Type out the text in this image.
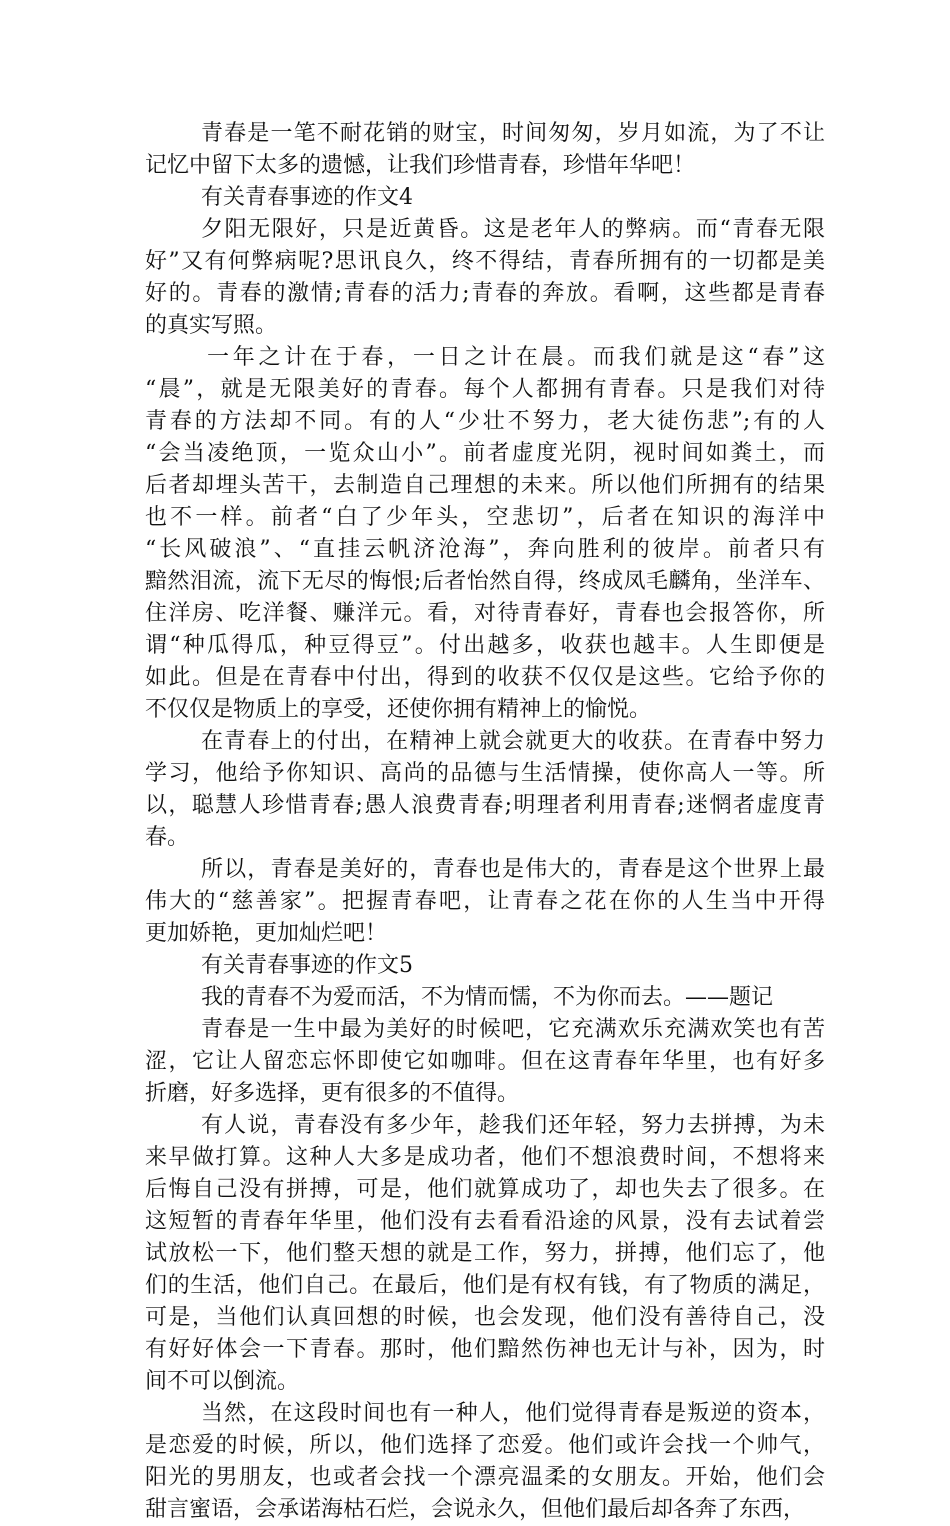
青春是一笔不耐花销的财宝，时间匆匆，岁月如流，为了不让
记忆中留下太多的遗憾，让我们珍惜青春，珍惜年华吧！
有关青春事迹的作文4
夕阳无限好，只是近黄昏。这是老年人的弊病。而“青春无限
好”又有何弊病呢?思讯良久，终不得结，青春所拥有的一切都是美
好的。青春的激情;青春的活力;青春的奔放。看啊，这些都是青春
的真实写照。
一年之计在于春，一日之计在晨。而我们就是这“春”这
“晨”，就是无限美好的青春。每个人都拥有青春。只是我们对待
青春的方法却不同。有的人“少壮不努力，老大徒伤悲”;有的人
“会当凌绝顶，一览众山小”。前者虚度光阴，视时间如粪土，而
后者却埋头苦干，去制造自己理想的未来。所以他们所拥有的结果
也不一样。前者“白了少年头，空悲切”，后者在知识的海洋中
“长风破浪”、“直挂云帆济沧海”，奔向胜利的彼岸。前者只有
黯然泪流，流下无尽的悔恨;后者怡然自得，终成凤毛麟角，坐洋车、
住洋房、吃洋餐、赚洋元。看，对待青春好，青春也会报答你，所
谓“种瓜得瓜，种豆得豆”。付出越多，收获也越丰。人生即便是
如此。但是在青春中付出，得到的收获不仅仅是这些。它给予你的
不仅仅是物质上的享受，还使你拥有精神上的愉悦。
在青春上的付出，在精神上就会就更大的收获。在青春中努力
学习，他给予你知识、高尚的品德与生活情操，使你高人一等。所
以，聪慧人珍惜青春;愚人浪费青春;明理者利用青春;迷惘者虚度青
春。
所以，青春是美好的，青春也是伟大的，青春是这个世界上最
伟大的“慈善家”。把握青春吧，让青春之花在你的人生当中开得
更加娇艳，更加灿烂吧！
有关青春事迹的作文5
我的青春不为爱而活，不为情而懦，不为你而去。——题记
青春是一生中最为美好的时候吧，它充满欢乐充满欢笑也有苦
涩，它让人留恋忘怀即使它如咖啡。但在这青春年华里，也有好多
折磨，好多选择，更有很多的不值得。
有人说，青春没有多少年，趁我们还年轻，努力去拼搏，为未
来早做打算。这种人大多是成功者，他们不想浪费时间，不想将来
后悔自己没有拼搏，可是，他们就算成功了，却也失去了很多。在
这短暂的青春年华里，他们没有去看看沿途的风景，没有去试着尝
试放松一下，他们整天想的就是工作，努力，拼搏，他们忘了，他
们的生活，他们自己。在最后，他们是有权有钱，有了物质的满足，
可是，当他们认真回想的时候，也会发现，他们没有善待自己，没
有好好体会一下青春。那时，他们黯然伤神也无计与补，因为，时
间不可以倒流。
当然，在这段时间也有一种人，他们觉得青春是叛逆的资本，
是恋爱的时候，所以，他们选择了恋爱。他们或许会找一个帅气，
阳光的男朋友，也或者会找一个漂亮温柔的女朋友。开始，他们会
甜言蜜语，会承诺海枯石烂，会说永久，但他们最后却各奔了东西，
